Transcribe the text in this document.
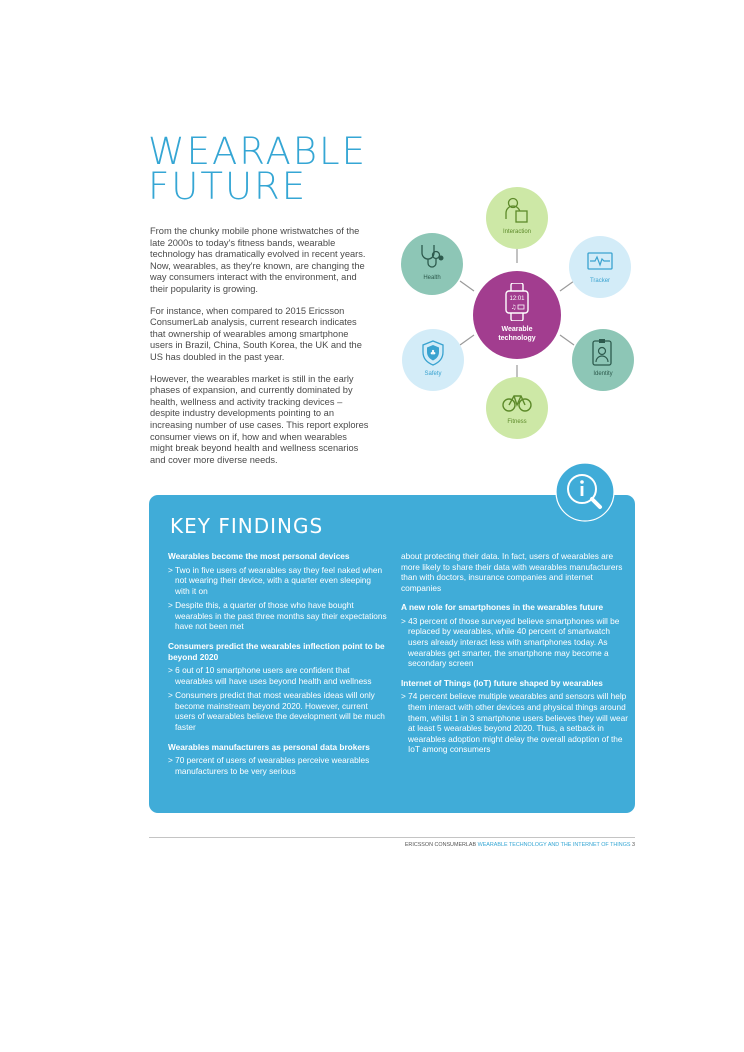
WEARABLE
FUTURE

From the chunky mobile phone wristwatches of the late 2000s to today's fitness bands, wearable technology has dramatically evolved in recent years. Now, wearables, as they're known, are changing the way consumers interact with the environment, and their popularity is growing.

For instance, when compared to 2015 Ericsson ConsumerLab analysis, current research indicates that ownership of wearables among smartphone users in Brazil, China, South Korea, the UK and the US has doubled in the past year.

However, the wearables market is still in the early phases of expansion, and currently dominated by health, wellness and activity tracking devices – despite industry developments pointing to an increasing number of use cases. This report explores consumer views on if, how and when wearables might break beyond health and wellness scenarios and cover more diverse needs.

12:01
♫
Wearable
technology
Interaction
Tracker
Identity
Fitness
♣
Safety
Health
KEY FINDINGS
Wearables become the most personal devices
> Two in five users of wearables say they feel naked when not wearing their device, with a quarter even sleeping with it on
> Despite this, a quarter of those who have bought wearables in the past three months say their expectations have not been met
Consumers predict the wearables inflection point to be beyond 2020
> 6 out of 10 smartphone users are confident that wearables will have uses beyond health and wellness
> Consumers predict that most wearables ideas will only become mainstream beyond 2020. However, current users of wearables believe the development will be much faster
Wearables manufacturers as personal data brokers
> 70 percent of users of wearables perceive wearables manufacturers to be very serious

about protecting their data. In fact, users of wearables are more likely to share their data with wearables manufacturers than with doctors, insurance companies and internet companies

A new role for smartphones in the wearables future
> 43 percent of those surveyed believe smartphones will be replaced by wearables, while 40 percent of smartwatch users already interact less with smartphones today. As wearables get smarter, the smartphone may become a secondary screen
Internet of Things (IoT) future shaped by wearables
> 74 percent believe multiple wearables and sensors will help them interact with other devices and physical things around them, whilst 1 in 3 smartphone users believes they will wear at least 5 wearables beyond 2020. Thus, a setback in wearables adoption might delay the overall adoption of the IoT among consumers
ERICSSON CONSUMERLAB WEARABLE TECHNOLOGY AND THE INTERNET OF THINGS 3
